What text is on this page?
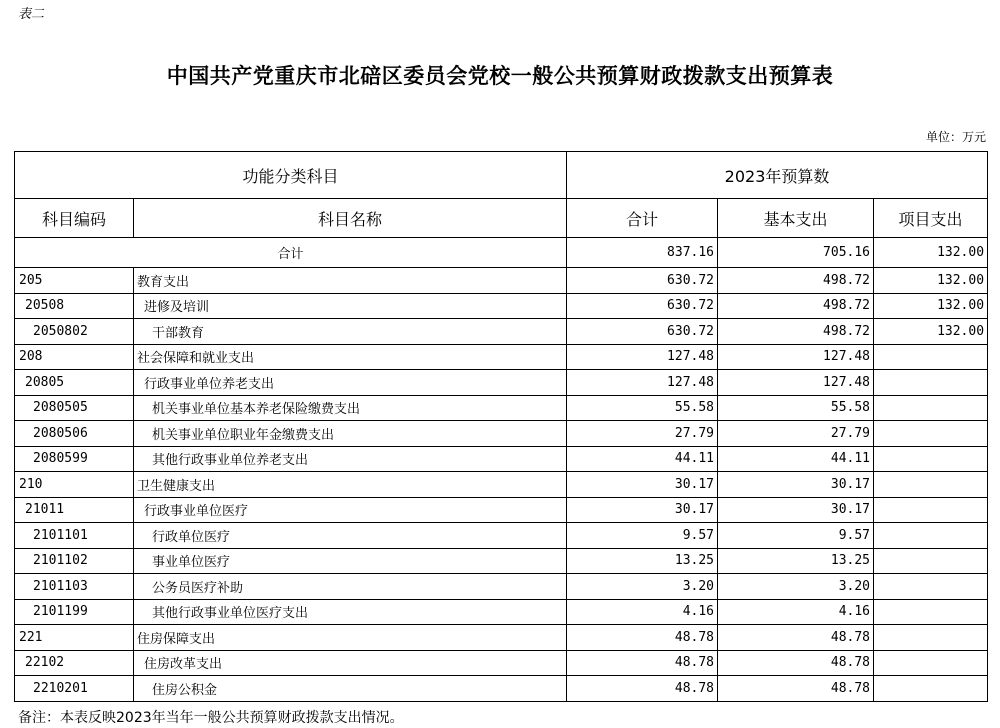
表二
中国共产党重庆市北碚区委员会党校一般公共预算财政拨款支出预算表
单位：万元
功能分类科目		2023年预算数		
科目编码	科目名称	合计	基本支出	项目支出
合计		837.16	705.16	132.00
205	教育支出	630.72	498.72	132.00
20508	进修及培训	630.72	498.72	132.00
2050802	干部教育	630.72	498.72	132.00
208	社会保障和就业支出	127.48	127.48	
20805	行政事业单位养老支出	127.48	127.48	
2080505	机关事业单位基本养老保险缴费支出	55.58	55.58	
2080506	机关事业单位职业年金缴费支出	27.79	27.79	
2080599	其他行政事业单位养老支出	44.11	44.11	
210	卫生健康支出	30.17	30.17	
21011	行政事业单位医疗	30.17	30.17	
2101101	行政单位医疗	9.57	9.57	
2101102	事业单位医疗	13.25	13.25	
2101103	公务员医疗补助	3.20	3.20	
2101199	其他行政事业单位医疗支出	4.16	4.16	
221	住房保障支出	48.78	48.78	
22102	住房改革支出	48.78	48.78	
2210201	住房公积金	48.78	48.78	
备注：本表反映2023年当年一般公共预算财政拨款支出情况。
